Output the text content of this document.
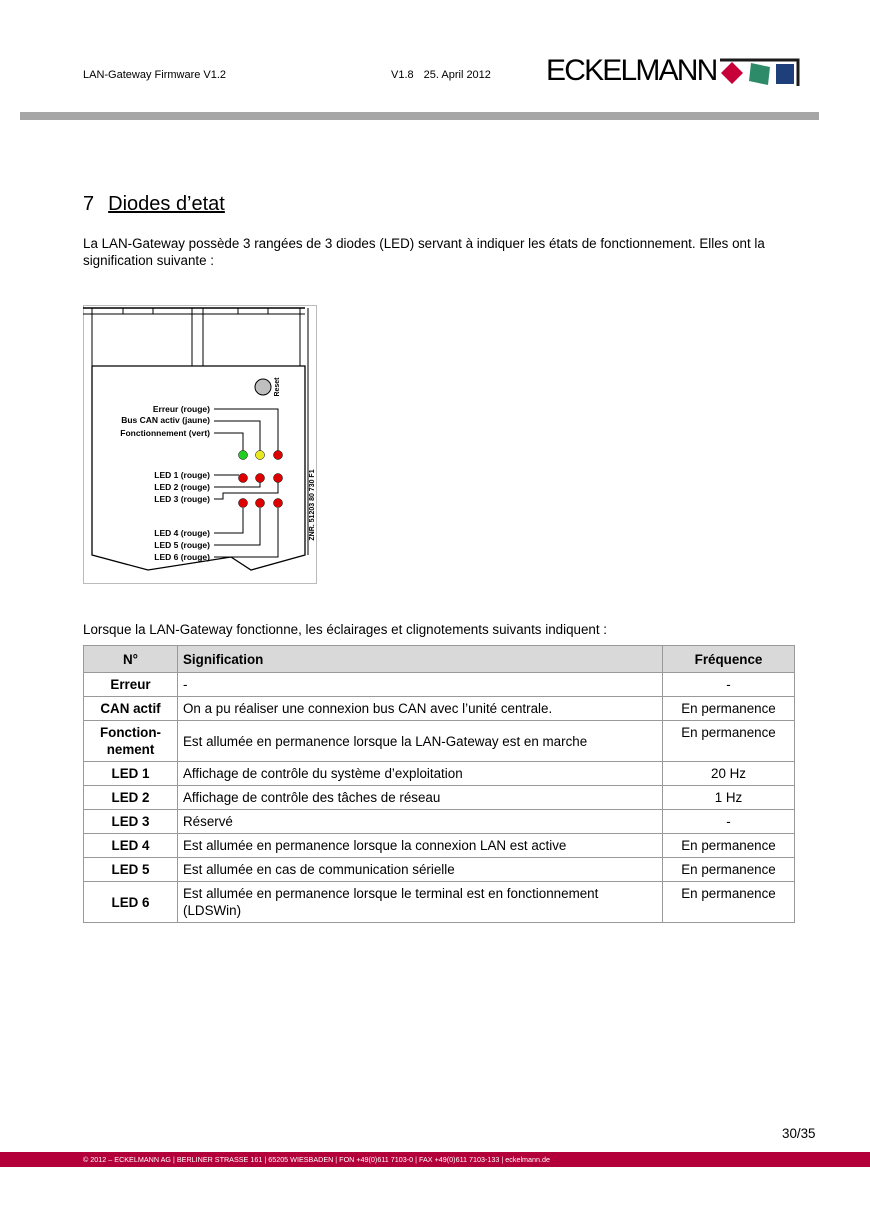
LAN-Gateway Firmware V1.2	V1.8 25. April 2012 ECKELMANN
7 Diodes d’etat
La LAN-Gateway possède 3 rangées de 3 diodes (LED) servant à indiquer les états de fonctionnement. Elles ont la signification suivante :
Reset
ZNR. 51203 80 730 F1
Erreur (rouge)
Bus CAN activ (jaune)
Fonctionnement (vert)
LED 1 (rouge)
LED 2 (rouge)
LED 3 (rouge)
LED 4 (rouge)
LED 5 (rouge)
LED 6 (rouge)
Lorsque la LAN-Gateway fonctionne, les éclairages et clignotements suivants indiquent :
N°	Signification	Fréquence
Erreur	-	-
CAN actif	On a pu réaliser une connexion bus CAN avec l’unité centrale.	En permanence
Fonction-nement	Est allumée en permanence lorsque la LAN-Gateway est en marche	En permanence
LED 1	Affichage de contrôle du système d’exploitation	20 Hz
LED 2	Affichage de contrôle des tâches de réseau	1 Hz
LED 3	Réservé	-
LED 4	Est allumée en permanence lorsque la connexion LAN est active	En permanence
LED 5	Est allumée en cas de communication sérielle	En permanence
LED 6	Est allumée en permanence lorsque le terminal est en fonctionnement (LDSWin)	En permanence
30/35
© 2012 – ECKELMANN AG | BERLINER STRASSE 161 | 65205 WIESBADEN | FON +49(0)611 7103-0 | FAX +49(0)611 7103-133 | eckelmann.de
